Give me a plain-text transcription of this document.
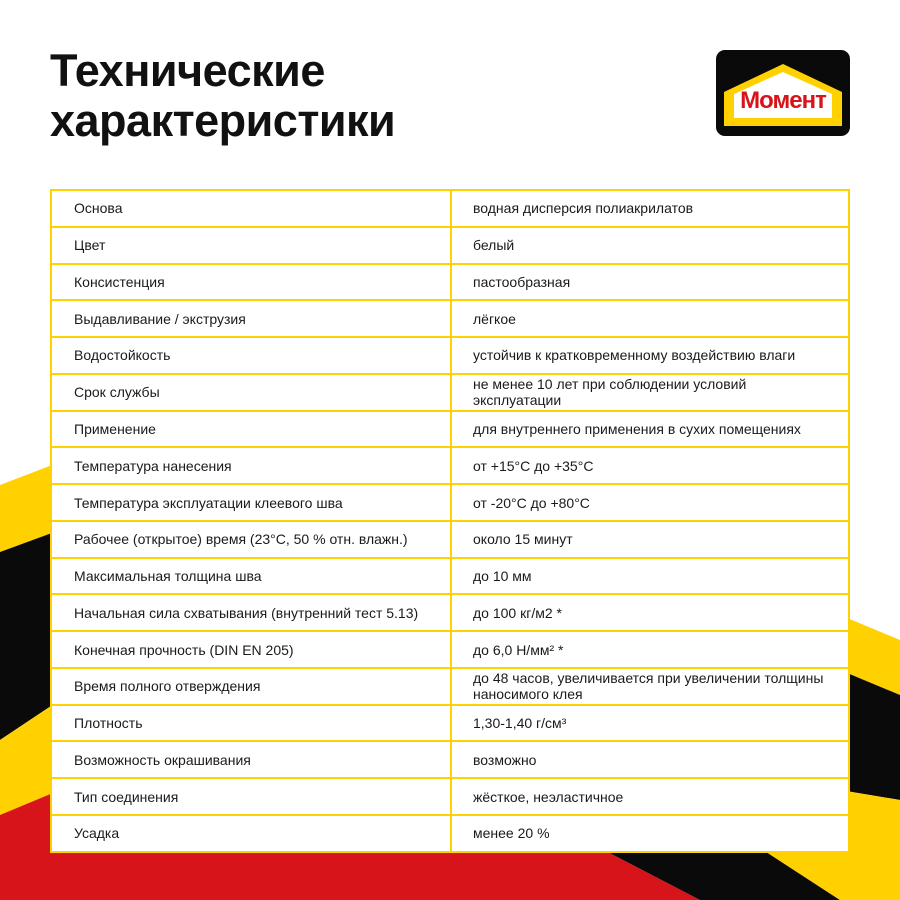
Технические
характеристики	Момент
Основа	водная дисперсия полиакрилатов
Цвет	белый
Консистенция	пастообразная
Выдавливание / экструзия	лёгкое
Водостойкость	устойчив к кратковременному воздействию влаги
Срок службы	не менее 10 лет при соблюдении условий эксплуатации
Применение	для внутреннего применения в сухих помещениях
Температура нанесения	от +15°С до +35°С
Температура эксплуатации клеевого шва	от -20°С до +80°С
Рабочее (открытое) время (23°С, 50 % отн. влажн.)	около 15 минут
Максимальная толщина шва	до 10 мм
Начальная сила схватывания (внутренний тест 5.13)	до 100 кг/м2 *
Конечная прочность (DIN EN 205)	до 6,0 Н/мм² *
Время полного отверждения	до 48 часов, увеличивается при увеличении толщины наносимого клея
Плотность	1,30-1,40 г/см³
Возможность окрашивания	возможно
Тип соединения	жёсткое, неэластичное
Усадка	менее 20 %
